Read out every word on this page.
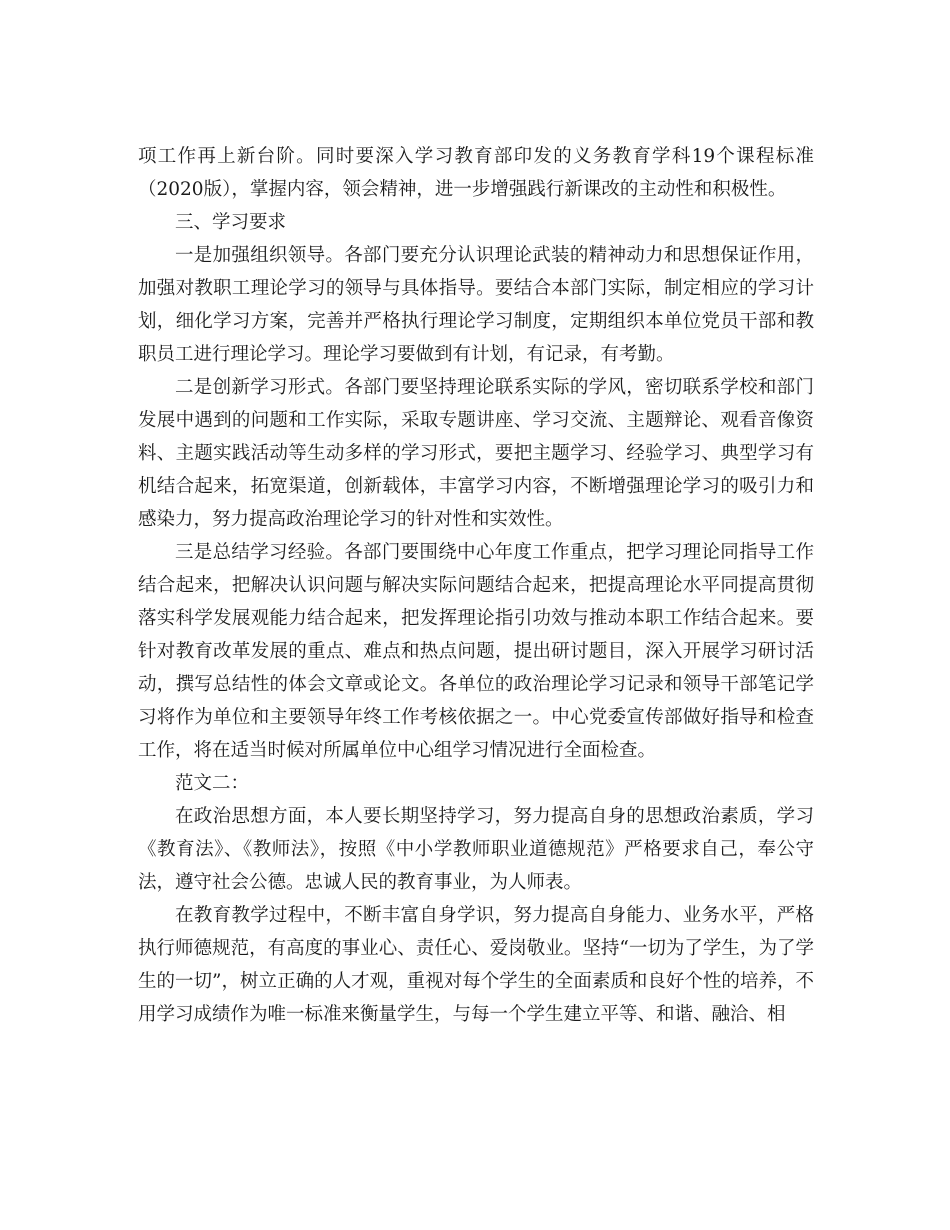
项工作再上新台阶。同时要深入学习教育部印发的义务教育学科19个课程标准（2020版），掌握内容，领会精神，进一步增强践行新课改的主动性和积极性。

三、学习要求

一是加强组织领导。各部门要充分认识理论武装的精神动力和思想保证作用，加强对教职工理论学习的领导与具体指导。要结合本部门实际，制定相应的学习计划，细化学习方案，完善并严格执行理论学习制度，定期组织本单位党员干部和教职员工进行理论学习。理论学习要做到有计划，有记录，有考勤。

二是创新学习形式。各部门要坚持理论联系实际的学风，密切联系学校和部门发展中遇到的问题和工作实际，采取专题讲座、学习交流、主题辩论、观看音像资料、主题实践活动等生动多样的学习形式，要把主题学习、经验学习、典型学习有机结合起来，拓宽渠道，创新载体，丰富学习内容，不断增强理论学习的吸引力和感染力，努力提高政治理论学习的针对性和实效性。

三是总结学习经验。各部门要围绕中心年度工作重点，把学习理论同指导工作结合起来，把解决认识问题与解决实际问题结合起来，把提高理论水平同提高贯彻落实科学发展观能力结合起来，把发挥理论指引功效与推动本职工作结合起来。要针对教育改革发展的重点、难点和热点问题，提出研讨题目，深入开展学习研讨活动，撰写总结性的体会文章或论文。各单位的政治理论学习记录和领导干部笔记学习将作为单位和主要领导年终工作考核依据之一。中心党委宣传部做好指导和检查工作，将在适当时候对所属单位中心组学习情况进行全面检查。

范文二：

在政治思想方面，本人要长期坚持学习，努力提高自身的思想政治素质，学习《教育法》、《教师法》，按照《中小学教师职业道德规范》严格要求自己，奉公守法，遵守社会公德。忠诚人民的教育事业，为人师表。

在教育教学过程中，不断丰富自身学识，努力提高自身能力、业务水平，严格执行师德规范，有高度的事业心、责任心、爱岗敬业。坚持“一切为了学生，为了学生的一切”，树立正确的人才观，重视对每个学生的全面素质和良好个性的培养，不用学习成绩作为唯一标准来衡量学生，与每一个学生建立平等、和谐、融洽、相
